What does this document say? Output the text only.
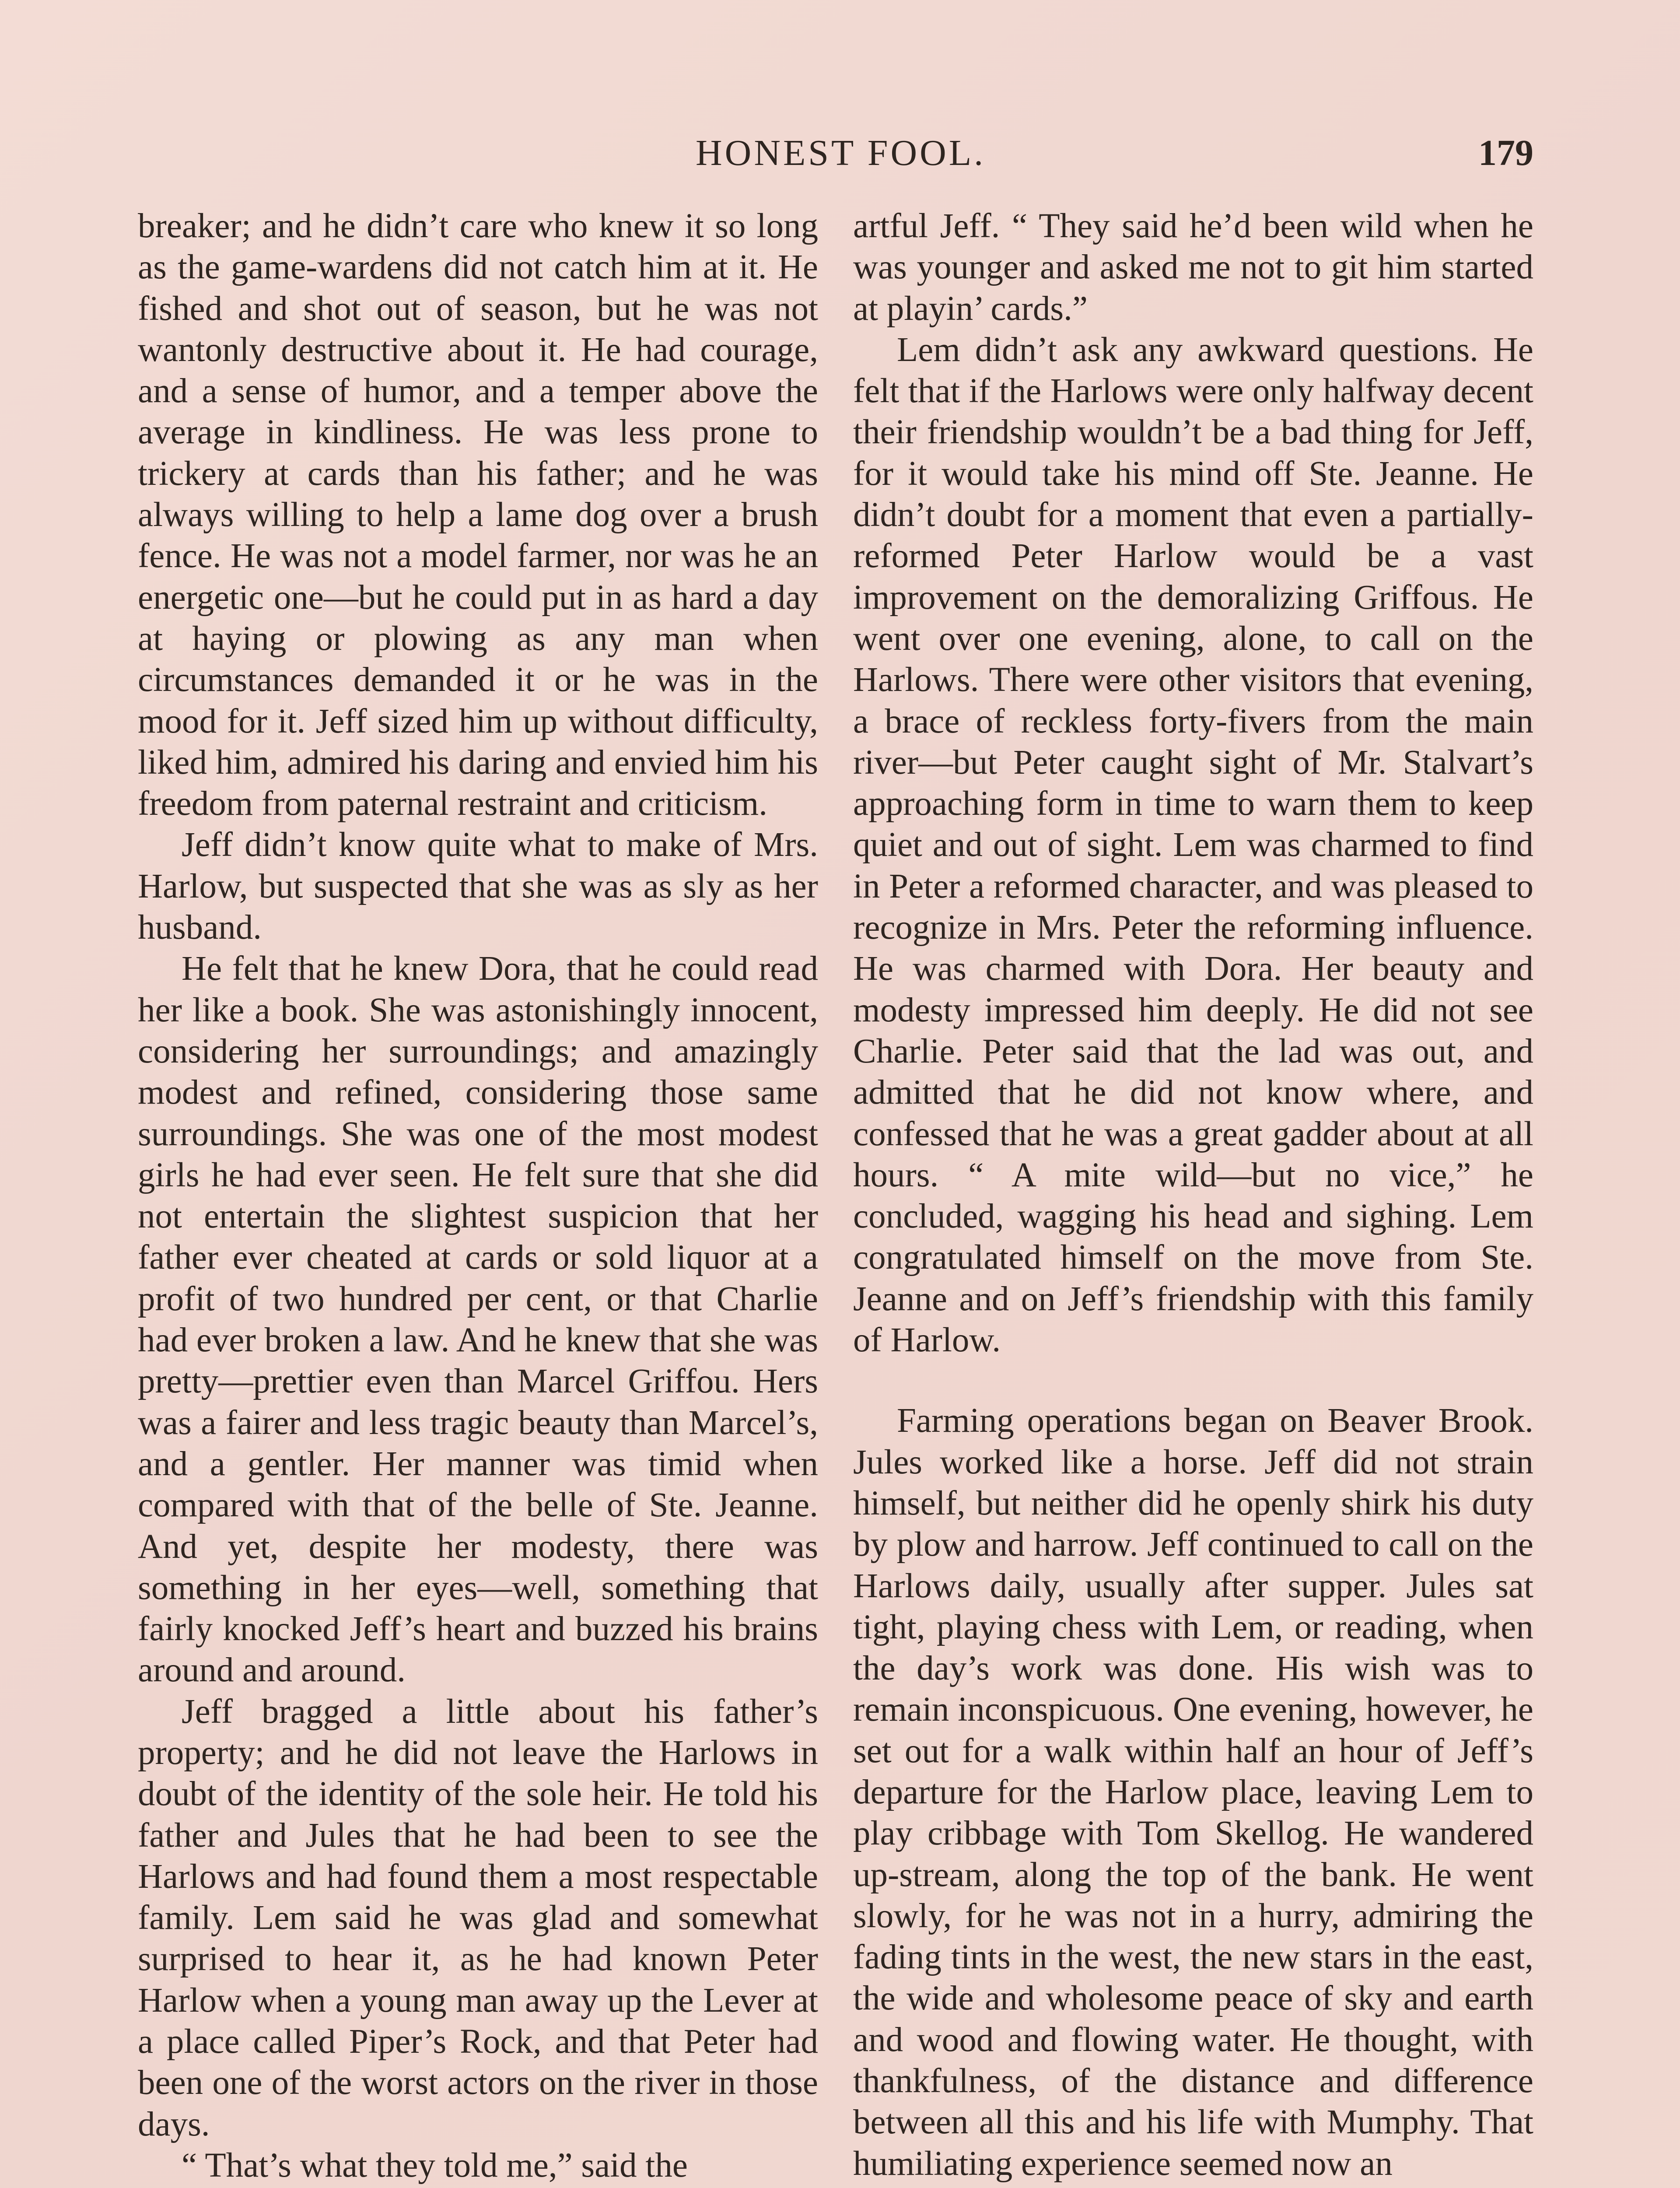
HONEST FOOL.	179

breaker; and he didn’t care who knew it so long as the game-wardens did not catch him at it. He fished and shot out of season, but he was not wantonly destructive about it. He had courage, and a sense of humor, and a temper above the average in kindliness. He was less prone to trickery at cards than his father; and he was always willing to help a lame dog over a brush fence. He was not a model farmer, nor was he an energetic one—but he could put in as hard a day at haying or plowing as any man when circumstances demanded it or he was in the mood for it. Jeff sized him up without difficulty, liked him, admired his daring and envied him his freedom from paternal restraint and criticism.

Jeff didn’t know quite what to make of Mrs. Harlow, but suspected that she was as sly as her husband.

He felt that he knew Dora, that he could read her like a book. She was astonishingly innocent, considering her surroundings; and amazingly modest and refined, considering those same surroundings. She was one of the most modest girls he had ever seen. He felt sure that she did not entertain the slightest suspicion that her father ever cheated at cards or sold liquor at a profit of two hundred per cent, or that Charlie had ever broken a law. And he knew that she was pretty—prettier even than Marcel Griffou. Hers was a fairer and less tragic beauty than Marcel’s, and a gentler. Her manner was timid when compared with that of the belle of Ste. Jeanne. And yet, despite her modesty, there was something in her eyes—well, something that fairly knocked Jeff’s heart and buzzed his brains around and around.

Jeff bragged a little about his father’s property; and he did not leave the Harlows in doubt of the identity of the sole heir. He told his father and Jules that he had been to see the Harlows and had found them a most respectable family. Lem said he was glad and somewhat surprised to hear it, as he had known Peter Harlow when a young man away up the Lever at a place called Piper’s Rock, and that Peter had been one of the worst actors on the river in those days.

“ That’s what they told me,” said the

artful Jeff. “ They said he’d been wild when he was younger and asked me not to git him started at playin’ cards.”

Lem didn’t ask any awkward questions. He felt that if the Harlows were only halfway decent their friendship wouldn’t be a bad thing for Jeff, for it would take his mind off Ste. Jeanne. He didn’t doubt for a moment that even a partially-reformed Peter Harlow would be a vast improvement on the demoralizing Griffous. He went over one evening, alone, to call on the Harlows. There were other visitors that evening, a brace of reckless forty-fivers from the main river—but Peter caught sight of Mr. Stalvart’s approaching form in time to warn them to keep quiet and out of sight. Lem was charmed to find in Peter a reformed character, and was pleased to recognize in Mrs. Peter the reforming influence. He was charmed with Dora. Her beauty and modesty impressed him deeply. He did not see Charlie. Peter said that the lad was out, and admitted that he did not know where, and confessed that he was a great gadder about at all hours. “ A mite wild—but no vice,” he concluded, wagging his head and sighing. Lem congratulated himself on the move from Ste. Jeanne and on Jeff’s friendship with this family of Harlow.

Farming operations began on Beaver Brook. Jules worked like a horse. Jeff did not strain himself, but neither did he openly shirk his duty by plow and harrow. Jeff continued to call on the Harlows daily, usually after supper. Jules sat tight, playing chess with Lem, or reading, when the day’s work was done. His wish was to remain inconspicuous. One evening, however, he set out for a walk within half an hour of Jeff’s departure for the Harlow place, leaving Lem to play cribbage with Tom Skellog. He wandered up-stream, along the top of the bank. He went slowly, for he was not in a hurry, admiring the fading tints in the west, the new stars in the east, the wide and wholesome peace of sky and earth and wood and flowing water. He thought, with thankfulness, of the distance and difference between all this and his life with Mumphy. That humiliating experience seemed now an
